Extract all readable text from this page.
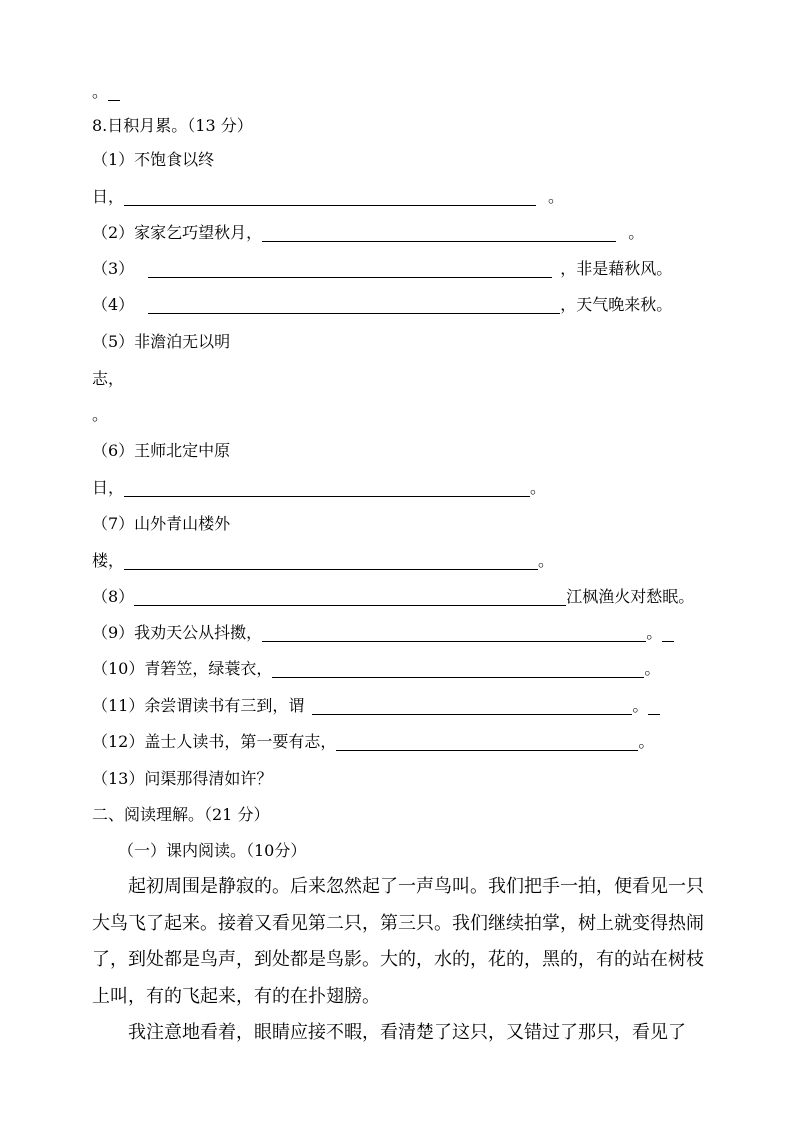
。
8.日积月累。（13 分）
（1）不饱食以终
日，	。
（2）家家乞巧望秋月，	。
（3）	，非是藉秋风。
（4）	，天气晚来秋。
（5）非澹泊无以明
志，
。
（6）王师北定中原
日，	。
（7）山外青山楼外
楼，	。
（8）	江枫渔火对愁眠。
（9）我劝天公从抖擞，	。
（10）青箬笠，绿蓑衣，	。
（11）余尝谓读书有三到，谓	。
（12）盖士人读书，第一要有志，	。
（13）问渠那得清如许？
二、阅读理解。（21 分）
（一）课内阅读。（10分）
起初周围是静寂的。后来忽然起了一声鸟叫。我们把手一拍，便看见一只大鸟飞了起来。接着又看见第二只，第三只。我们继续拍掌，树上就变得热闹了，到处都是鸟声，到处都是鸟影。大的，水的，花的，黑的，有的站在树枝上叫，有的飞起来，有的在扑翅膀。
我注意地看着，眼睛应接不暇，看清楚了这只，又错过了那只，看见了
